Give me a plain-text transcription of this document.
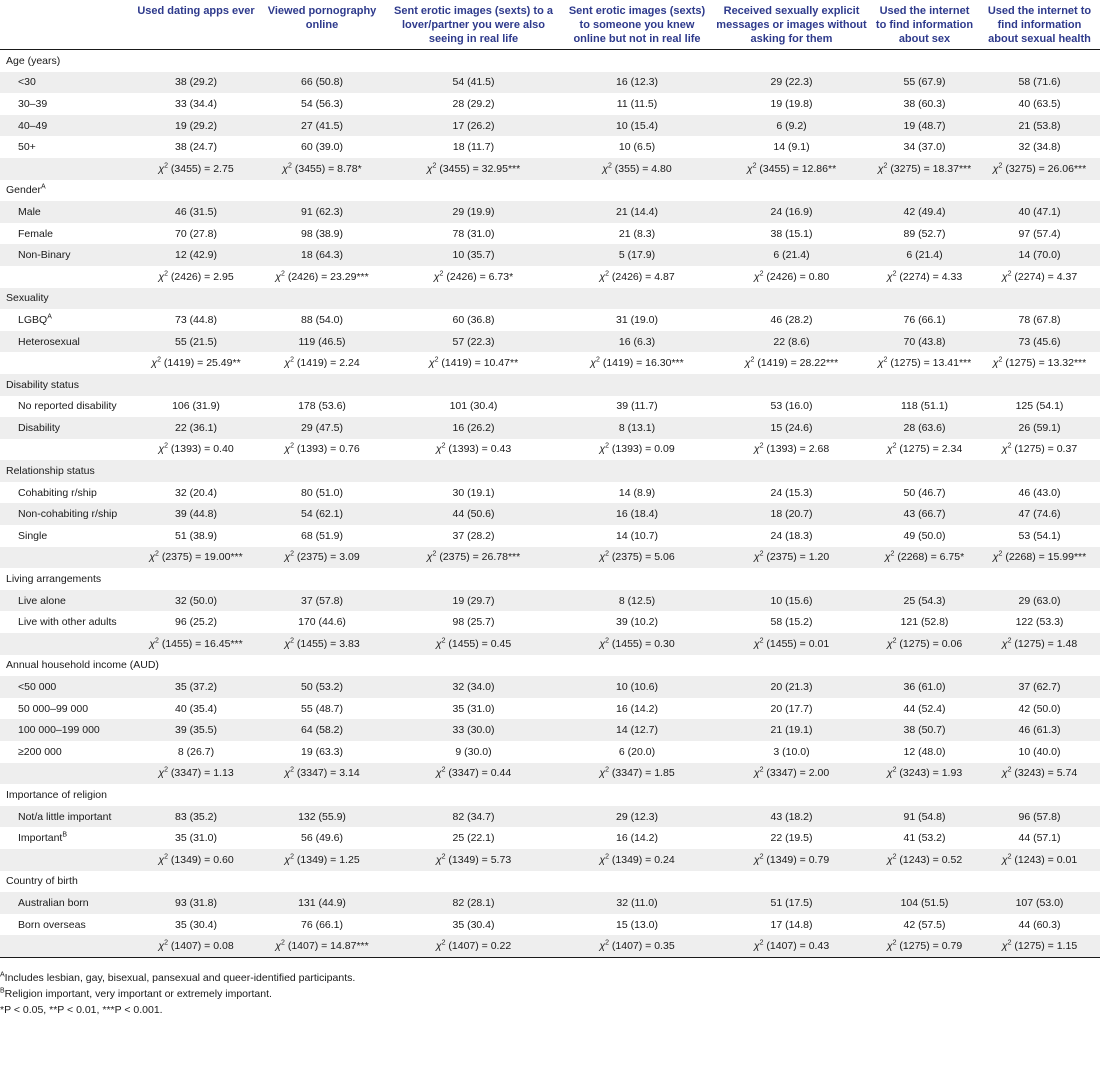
	Used dating apps ever	Viewed pornography online	Sent erotic images (sexts) to a lover/partner you were also seeing in real life	Sent erotic images (sexts) to someone you knew online but not in real life	Received sexually explicit messages or images without asking for them	Used the internet to find information about sex	Used the internet to find information about sexual health
Age (years)							
<30	38 (29.2)	66 (50.8)	54 (41.5)	16 (12.3)	29 (22.3)	55 (67.9)	58 (71.6)
30–39	33 (34.4)	54 (56.3)	28 (29.2)	11 (11.5)	19 (19.8)	38 (60.3)	40 (63.5)
40–49	19 (29.2)	27 (41.5)	17 (26.2)	10 (15.4)	6 (9.2)	19 (48.7)	21 (53.8)
50+	38 (24.7)	60 (39.0)	18 (11.7)	10 (6.5)	14 (9.1)	34 (37.0)	32 (34.8)
	$\chi^2$ (3455) = 2.75	$\chi^2$ (3455) = 8.78*	$\chi^2$ (3455) = 32.95***	$\chi^2$ (355) = 4.80	$\chi^2$ (3455) = 12.86**	$\chi^2$ (3275) = 18.37***	$\chi^2$ (3275) = 26.06***
Gender$^A$							
Male	46 (31.5)	91 (62.3)	29 (19.9)	21 (14.4)	24 (16.9)	42 (49.4)	40 (47.1)
Female	70 (27.8)	98 (38.9)	78 (31.0)	21 (8.3)	38 (15.1)	89 (52.7)	97 (57.4)
Non-Binary	12 (42.9)	18 (64.3)	10 (35.7)	5 (17.9)	6 (21.4)	6 (21.4)	14 (70.0)
	$\chi^2$ (2426) = 2.95	$\chi^2$ (2426) = 23.29***	$\chi^2$ (2426) = 6.73*	$\chi^2$ (2426) = 4.87	$\chi^2$ (2426) = 0.80	$\chi^2$ (2274) = 4.33	$\chi^2$ (2274) = 4.37
Sexuality							
$LGBQ^A$	73 (44.8)	88 (54.0)	60 (36.8)	31 (19.0)	46 (28.2)	76 (66.1)	78 (67.8)
Heterosexual	55 (21.5)	119 (46.5)	57 (22.3)	16 (6.3)	22 (8.6)	70 (43.8)	73 (45.6)
	$\chi^2$ (1419) = 25.49**	$\chi^2$ (1419) = 2.24	$\chi^2$ (1419) = 10.47**	$\chi^2$ (1419) = 16.30***	$\chi^2$ (1419) = 28.22***	$\chi^2$ (1275) = 13.41***	$\chi^2$ (1275) = 13.32***
Disability status							
No reported disability	106 (31.9)	178 (53.6)	101 (30.4)	39 (11.7)	53 (16.0)	118 (51.1)	125 (54.1)
Disability	22 (36.1)	29 (47.5)	16 (26.2)	8 (13.1)	15 (24.6)	28 (63.6)	26 (59.1)
	$\chi^2$ (1393) = 0.40	$\chi^2$ (1393) = 0.76	$\chi^2$ (1393) = 0.43	$\chi^2$ (1393) = 0.09	$\chi^2$ (1393) = 2.68	$\chi^2$ (1275) = 2.34	$\chi^2$ (1275) = 0.37
Relationship status							
Cohabiting r/ship	32 (20.4)	80 (51.0)	30 (19.1)	14 (8.9)	24 (15.3)	50 (46.7)	46 (43.0)
Non-cohabiting r/ship	39 (44.8)	54 (62.1)	44 (50.6)	16 (18.4)	18 (20.7)	43 (66.7)	47 (74.6)
Single	51 (38.9)	68 (51.9)	37 (28.2)	14 (10.7)	24 (18.3)	49 (50.0)	53 (54.1)
	$\chi^2$ (2375) = 19.00***	$\chi^2$ (2375) = 3.09	$\chi^2$ (2375) = 26.78***	$\chi^2$ (2375) = 5.06	$\chi^2$ (2375) = 1.20	$\chi^2$ (2268) = 6.75*	$\chi^2$ (2268) = 15.99***
Living arrangements							
Live alone	32 (50.0)	37 (57.8)	19 (29.7)	8 (12.5)	10 (15.6)	25 (54.3)	29 (63.0)
Live with other adults	96 (25.2)	170 (44.6)	98 (25.7)	39 (10.2)	58 (15.2)	121 (52.8)	122 (53.3)
	$\chi^2$ (1455) = 16.45***	$\chi^2$ (1455) = 3.83	$\chi^2$ (1455) = 0.45	$\chi^2$ (1455) = 0.30	$\chi^2$ (1455) = 0.01	$\chi^2$ (1275) = 0.06	$\chi^2$ (1275) = 1.48
Annual household income (AUD)							
<50 000	35 (37.2)	50 (53.2)	32 (34.0)	10 (10.6)	20 (21.3)	36 (61.0)	37 (62.7)
50 000–99 000	40 (35.4)	55 (48.7)	35 (31.0)	16 (14.2)	20 (17.7)	44 (52.4)	42 (50.0)
100 000–199 000	39 (35.5)	64 (58.2)	33 (30.0)	14 (12.7)	21 (19.1)	38 (50.7)	46 (61.3)
≥200 000	8 (26.7)	19 (63.3)	9 (30.0)	6 (20.0)	3 (10.0)	12 (48.0)	10 (40.0)
	$\chi^2$ (3347) = 1.13	$\chi^2$ (3347) = 3.14	$\chi^2$ (3347) = 0.44	$\chi^2$ (3347) = 1.85	$\chi^2$ (3347) = 2.00	$\chi^2$ (3243) = 1.93	$\chi^2$ (3243) = 5.74
Importance of religion							
Not/a little important	83 (35.2)	132 (55.9)	82 (34.7)	29 (12.3)	43 (18.2)	91 (54.8)	96 (57.8)
Important$^B$	35 (31.0)	56 (49.6)	25 (22.1)	16 (14.2)	22 (19.5)	41 (53.2)	44 (57.1)
	$\chi^2$ (1349) = 0.60	$\chi^2$ (1349) = 1.25	$\chi^2$ (1349) = 5.73	$\chi^2$ (1349) = 0.24	$\chi^2$ (1349) = 0.79	$\chi^2$ (1243) = 0.52	$\chi^2$ (1243) = 0.01
Country of birth							
Australian born	93 (31.8)	131 (44.9)	82 (28.1)	32 (11.0)	51 (17.5)	104 (51.5)	107 (53.0)
Born overseas	35 (30.4)	76 (66.1)	35 (30.4)	15 (13.0)	17 (14.8)	42 (57.5)	44 (60.3)
	$\chi^2$ (1407) = 0.08	$\chi^2$ (1407) = 14.87***	$\chi^2$ (1407) = 0.22	$\chi^2$ (1407) = 0.35	$\chi^2$ (1407) = 0.43	$\chi^2$ (1275) = 0.79	$\chi^2$ (1275) = 1.15
$^A$Includes lesbian, gay, bisexual, pansexual and queer-identified participants.
$^B$Religion important, very important or extremely important.
*P < 0.05, **P < 0.01, ***P < 0.001.
